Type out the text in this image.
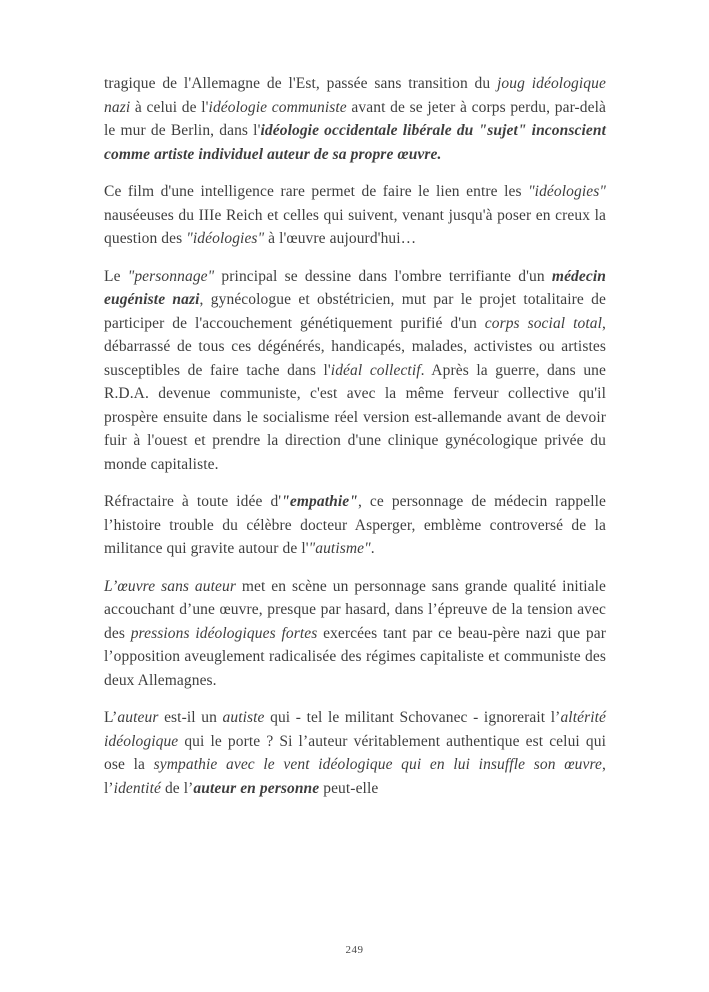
tragique de l'Allemagne de l'Est, passée sans transition du joug idéologique nazi à celui de l'idéologie communiste avant de se jeter à corps perdu, par-delà le mur de Berlin, dans l'idéologie occidentale libérale du "sujet" inconscient comme artiste individuel auteur de sa propre œuvre.

Ce film d'une intelligence rare permet de faire le lien entre les "idéologies" nauséeuses du IIIe Reich et celles qui suivent, venant jusqu'à poser en creux la question des "idéologies" à l'œuvre aujourd'hui…

Le "personnage" principal se dessine dans l'ombre terrifiante d'un médecin eugéniste nazi, gynécologue et obstétricien, mut par le projet totalitaire de participer de l'accouchement génétiquement purifié d'un corps social total, débarrassé de tous ces dégénérés, handicapés, malades, activistes ou artistes susceptibles de faire tache dans l'idéal collectif. Après la guerre, dans une R.D.A. devenue communiste, c'est avec la même ferveur collective qu'il prospère ensuite dans le socialisme réel version est-allemande avant de devoir fuir à l'ouest et prendre la direction d'une clinique gynécologique privée du monde capitaliste.

Réfractaire à toute idée d'"empathie", ce personnage de médecin rappelle l’histoire trouble du célèbre docteur Asperger, emblème controversé de la militance qui gravite autour de l'"autisme".

L’œuvre sans auteur met en scène un personnage sans grande qualité initiale accouchant d’une œuvre, presque par hasard, dans l’épreuve de la tension avec des pressions idéologiques fortes exercées tant par ce beau-père nazi que par l’opposition aveuglement radicalisée des régimes capitaliste et communiste des deux Allemagnes.

L’auteur est-il un autiste qui - tel le militant Schovanec - ignorerait l’altérité idéologique qui le porte ? Si l’auteur véritablement authentique est celui qui ose la sympathie avec le vent idéologique qui en lui insuffle son œuvre, l’identité de l’auteur en personne peut-elle

249
